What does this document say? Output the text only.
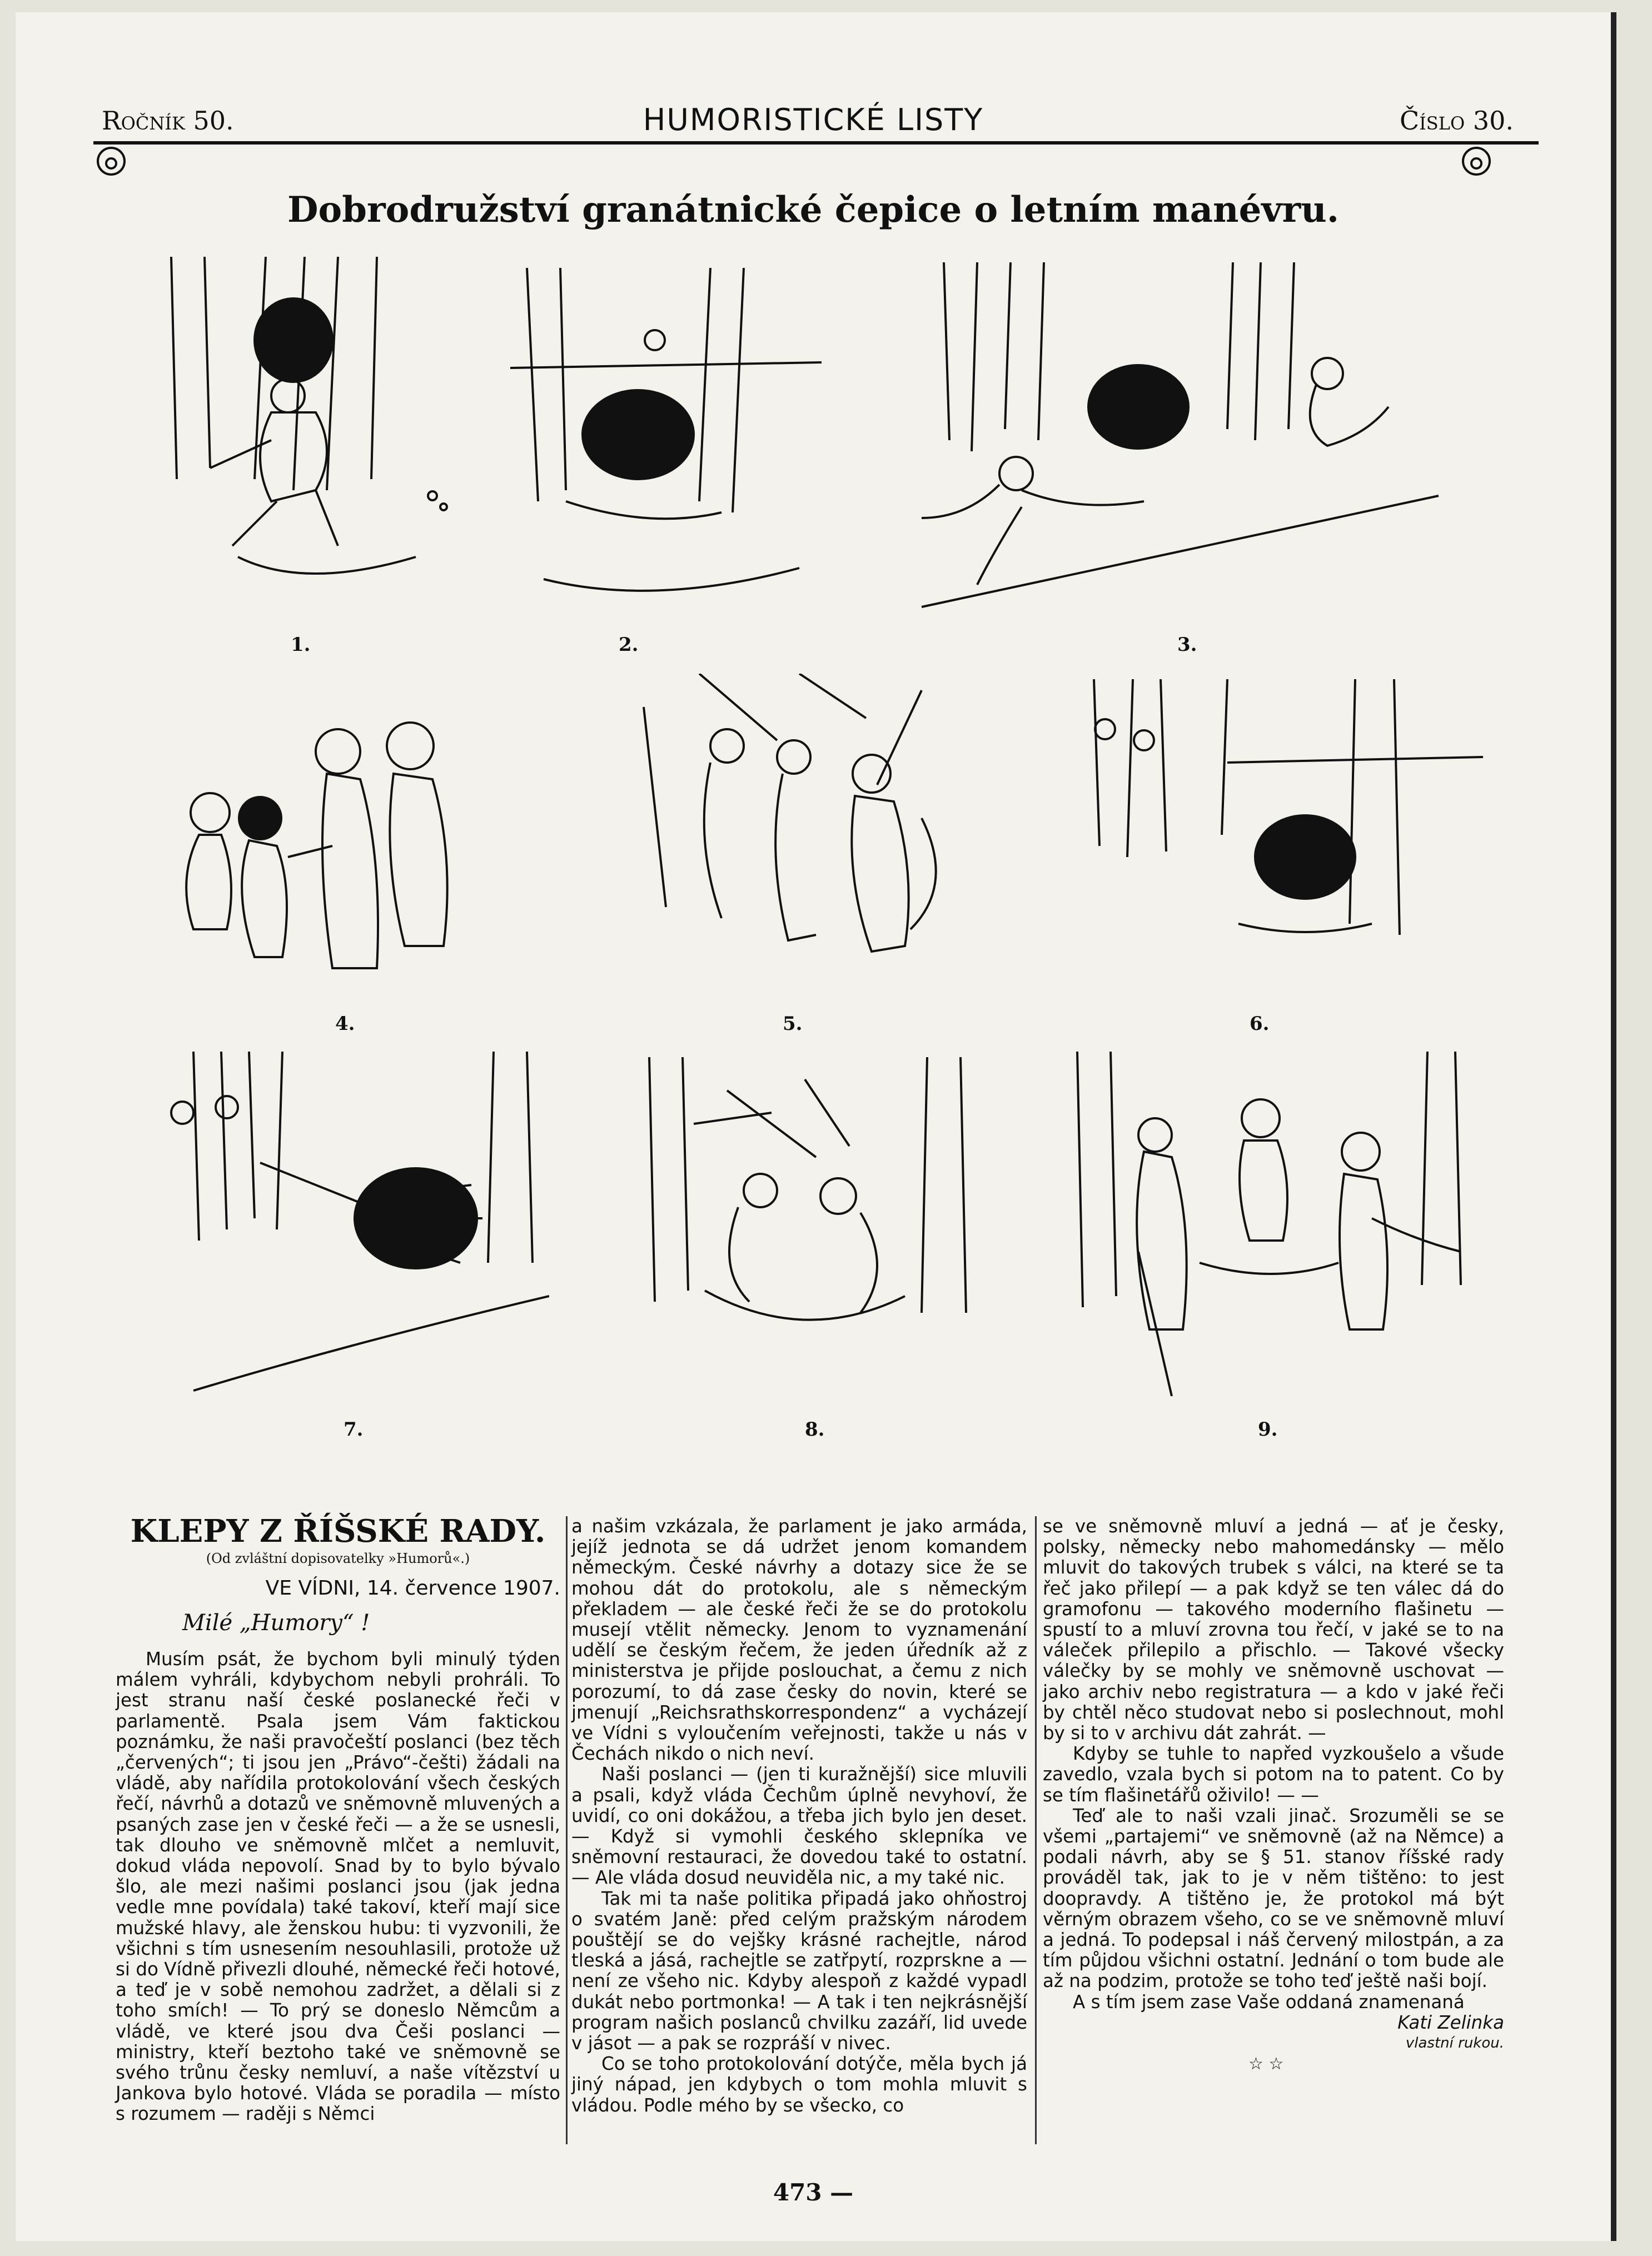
Ročník 50.	HUMORISTICKÉ LISTY	Číslo 30.
Dobrodružství granátnické čepice o letním manévru.
1.	2.	3.
4.	5.	6.
7.	8.	9.
KLEPY Z ŘÍŠSKÉ RADY.
(Od zvláštní dopisovatelky »Humorů«.)
VE VÍDNI, 14. července 1907.
Milé „Humory“ !

Musím psát, že bychom byli minulý týden málem vyhráli, kdybychom nebyli prohráli. To jest stranu naší české poslanecké řeči v parlamentě. Psala jsem Vám faktickou poznámku, že naši pravočeští poslanci (bez těch „červených“; ti jsou jen „Právo“-češti) žádali na vládě, aby nařídila protokolování všech českých řečí, návrhů a dotazů ve sněmovně mluvených a psaných zase jen v české řeči — a že se usnesli, tak dlouho ve sněmovně mlčet a nemluvit, dokud vláda nepovolí. Snad by to bylo bývalo šlo, ale mezi našimi poslanci jsou (jak jedna vedle mne povídala) také takoví, kteří mají sice mužské hlavy, ale ženskou hubu: ti vyzvonili, že všichni s tím usnesením nesouhlasili, protože už si do Vídně přivezli dlouhé, německé řeči hotové, a teď je v sobě nemohou zadržet, a dělali si z toho smích! — To prý se doneslo Němcům a vládě, ve které jsou dva Češi poslanci — ministry, kteří beztoho také ve sněmovně se svého trůnu česky nemluví, a naše vítězství u Jankova bylo hotové. Vláda se poradila — místo s rozumem — raději s Němci

a našim vzkázala, že parlament je jako armáda, jejíž jednota se dá udržet jenom komandem německým. České návrhy a dotazy sice že se mohou dát do protokolu, ale s německým překladem — ale české řeči že se do protokolu musejí vtělit německy. Jenom to vyznamenání udělí se českým řečem, že jeden úředník až z ministerstva je přijde poslouchat, a čemu z nich porozumí, to dá zase česky do novin, které se jmenují „Reichsrathskorrespondenz“ a vycházejí ve Vídni s vyloučením veřejnosti, takže u nás v Čechách nikdo o nich neví.

Naši poslanci — (jen ti kuražnější) sice mluvili a psali, když vláda Čechům úplně nevyhoví, že uvidí, co oni dokážou, a třeba jich bylo jen deset. — Když si vymohli českého sklepníka ve sněmovní restauraci, že dovedou také to ostatní. — Ale vláda dosud neuviděla nic, a my také nic.

Tak mi ta naše politika připadá jako ohňostroj o svatém Janě: před celým pražským národem pouštějí se do vejšky krásné rachejtle, národ tleská a jásá, rachejtle se zatřpytí, rozprskne a — není ze všeho nic. Kdyby alespoň z každé vypadl dukát nebo portmonka! — A tak i ten nejkrásnější program našich poslanců chvilku zazáří, lid uvede v jásot — a pak se rozpráší v nivec.

Co se toho protokolování dotýče, měla bych já jiný nápad, jen kdybych o tom mohla mluvit s vládou. Podle mého by se všecko, co

se ve sněmovně mluví a jedná — ať je česky, polsky, německy nebo mahomedánsky — mělo mluvit do takových trubek s válci, na které se ta řeč jako přilepí — a pak když se ten válec dá do gramofonu — takového moderního flašinetu — spustí to a mluví zrovna tou řečí, v jaké se to na váleček přilepilo a přischlo. — Takové všecky válečky by se mohly ve sněmovně uschovat — jako archiv nebo registratura — a kdo v jaké řeči by chtěl něco studovat nebo si poslechnout, mohl by si to v archivu dát zahrát. —

Kdyby se tuhle to napřed vyzkoušelo a všude zavedlo, vzala bych si potom na to patent. Co by se tím flašinetářů oživilo! — —

Teď ale to naši vzali jinač. Srozuměli se se všemi „partajemi“ ve sněmovně (až na Němce) a podali návrh, aby se § 51. stanov říšské rady prováděl tak, jak to je v něm tištěno: to jest doopravdy. A tištěno je, že protokol má být věrným obrazem všeho, co se ve sněmovně mluví a jedná. To podepsal i náš červený milostpán, a za tím půjdou všichni ostatní. Jednání o tom bude ale až na podzim, protože se toho teď ještě naši bojí.

A s tím jsem zase Vaše oddaná znamenaná

Kati Zelinka
vlastní rukou.
☆ ☆
473 —
